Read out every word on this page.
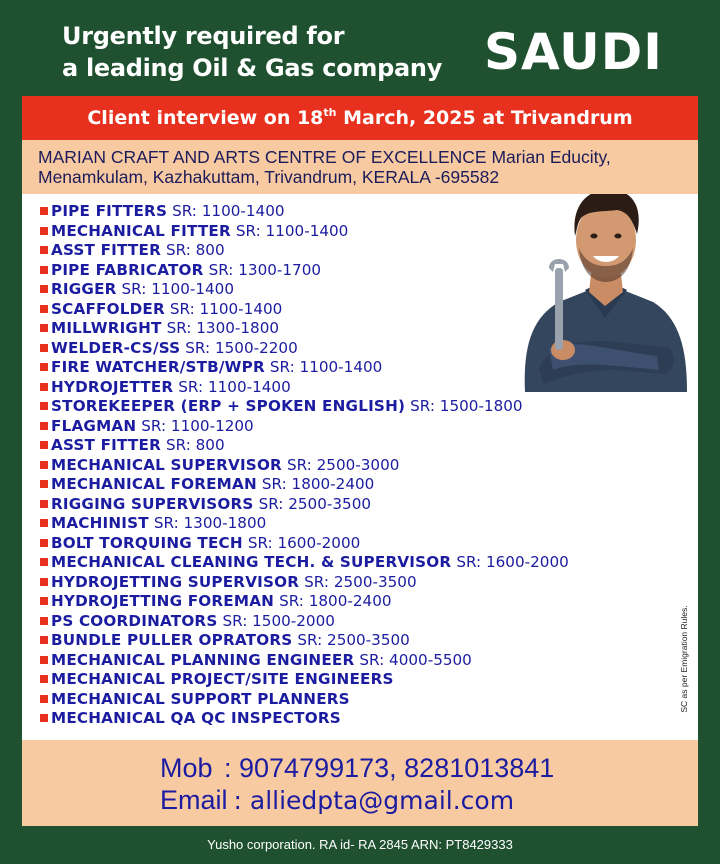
Urgently required for
a leading Oil & Gas company SAUDI
Client interview on 18th March, 2025 at Trivandrum
MARIAN CRAFT AND ARTS CENTRE OF EXCELLENCE Marian Educity,
Menamkulam, Kazhakuttam, Trivandrum, KERALA -695582
PIPE FITTERS SR: 1100-1400
MECHANICAL FITTER SR: 1100-1400
ASST FITTER SR: 800
PIPE FABRICATOR SR: 1300-1700
RIGGER SR: 1100-1400
SCAFFOLDER SR: 1100-1400
MILLWRIGHT SR: 1300-1800
WELDER-CS/SS SR: 1500-2200
FIRE WATCHER/STB/WPR SR: 1100-1400
HYDROJETTER SR: 1100-1400
STOREKEEPER (ERP + SPOKEN ENGLISH) SR: 1500-1800
FLAGMAN SR: 1100-1200
ASST FITTER SR: 800
MECHANICAL SUPERVISOR SR: 2500-3000
MECHANICAL FOREMAN SR: 1800-2400
RIGGING SUPERVISORS SR: 2500-3500
MACHINIST SR: 1300-1800
BOLT TORQUING TECH SR: 1600-2000
MECHANICAL CLEANING TECH. & SUPERVISOR SR: 1600-2000
HYDROJETTING SUPERVISOR SR: 2500-3500
HYDROJETTING FOREMAN SR: 1800-2400
PS COORDINATORS SR: 1500-2000
BUNDLE PULLER OPRATORS SR: 2500-3500
MECHANICAL PLANNING ENGINEER SR: 4000-5500
MECHANICAL PROJECT/SITE ENGINEERS
MECHANICAL SUPPORT PLANNERS
MECHANICAL QA QC INSPECTORS
SC as per Emigration Rules.
Mob : 9074799173, 8281013841
Email : alliedpta@gmail.com
Yusho corporation. RA id- RA 2845 ARN: PT8429333
